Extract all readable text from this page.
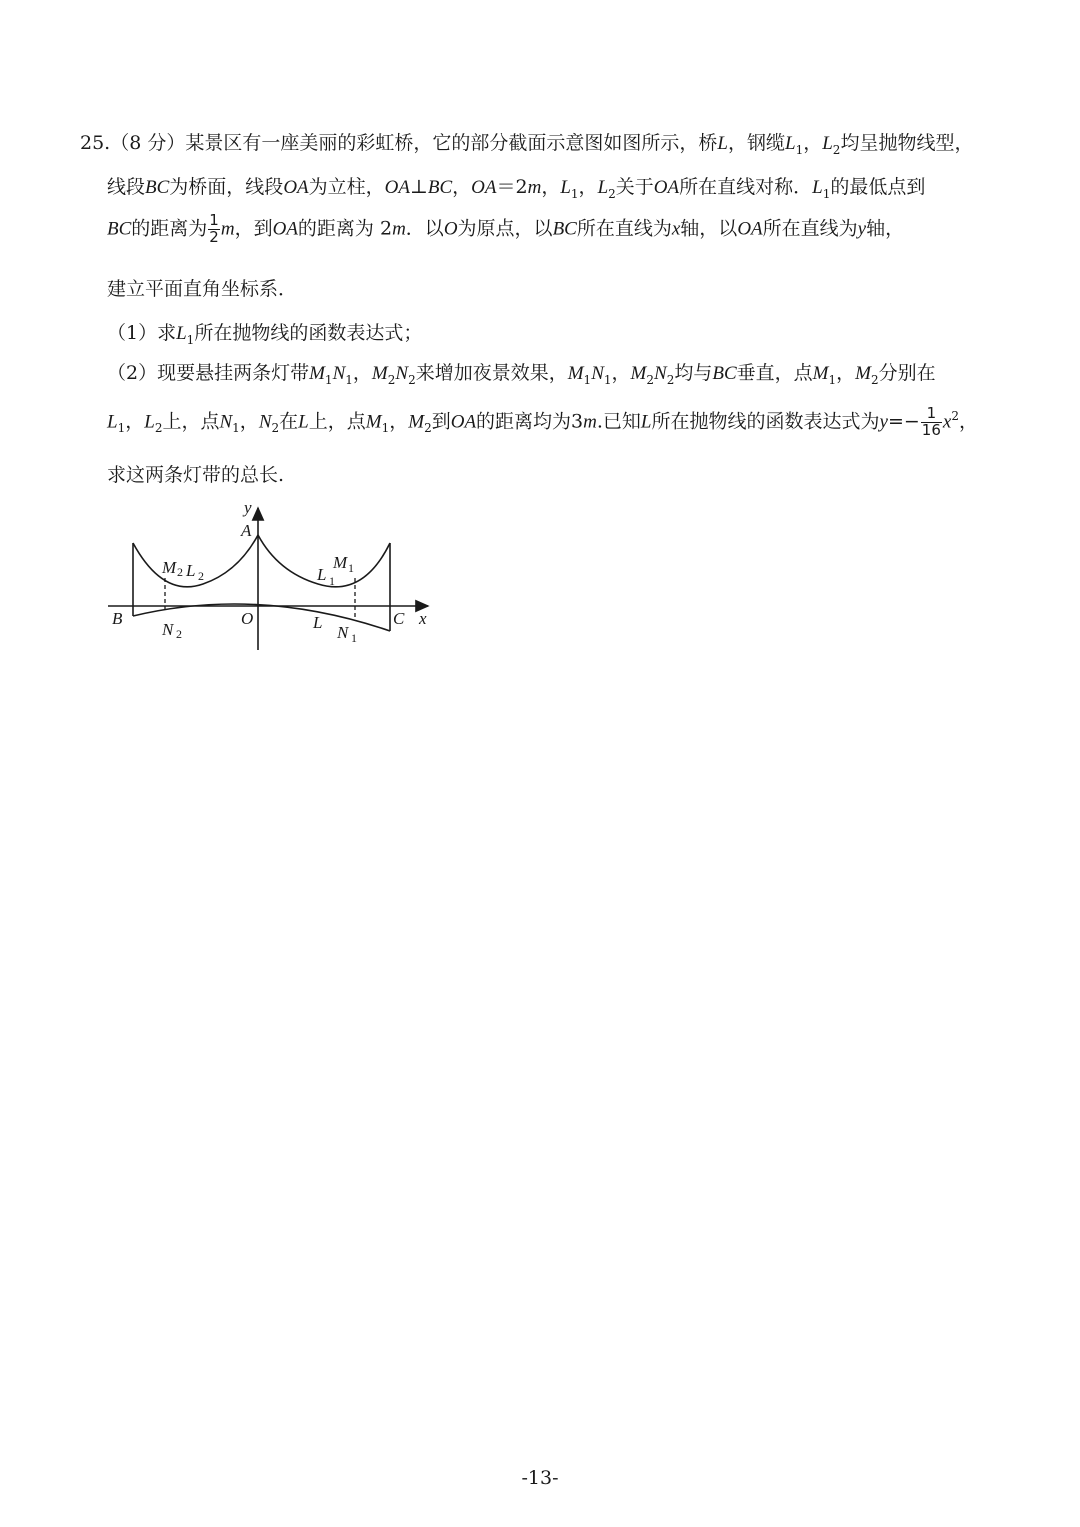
25.（8 分）某景区有一座美丽的彩虹桥，它的部分截面示意图如图所示，桥L，钢缆$L_1$，$L_2$均呈抛物线型，
线段BC为桥面，线段OA为立柱，OA⊥BC，OA＝2m，$L_1$，$L_2$关于OA所在直线对称．$L_1$的最低点到
BC的距离为 $\frac{1}{2}$ m，到OA的距离为 2m．以O为原点，以BC所在直线为x轴，以OA所在直线为y轴，
建立平面直角坐标系．
（1）求$L_1$所在抛物线的函数表达式；
（2）现要悬挂两条灯带$M_1N_1$，$M_2N_2$来增加夜景效果，$M_1N_1$，$M_2N_2$均与BC垂直，点$M_1$，$M_2$分别在
$L_1$，$L_2$上，点$N_1$，$N_2$在L上，点$M_1$，$M_2$到OA的距离均为3m.已知L所在抛物线的函数表达式为$y=- \frac{1}{16} x^2$，
求这两条灯带的总长.
y
A
x
B	C
O	L
M 2 L 2	L 1
M 1
N 2	N 1
-13-
